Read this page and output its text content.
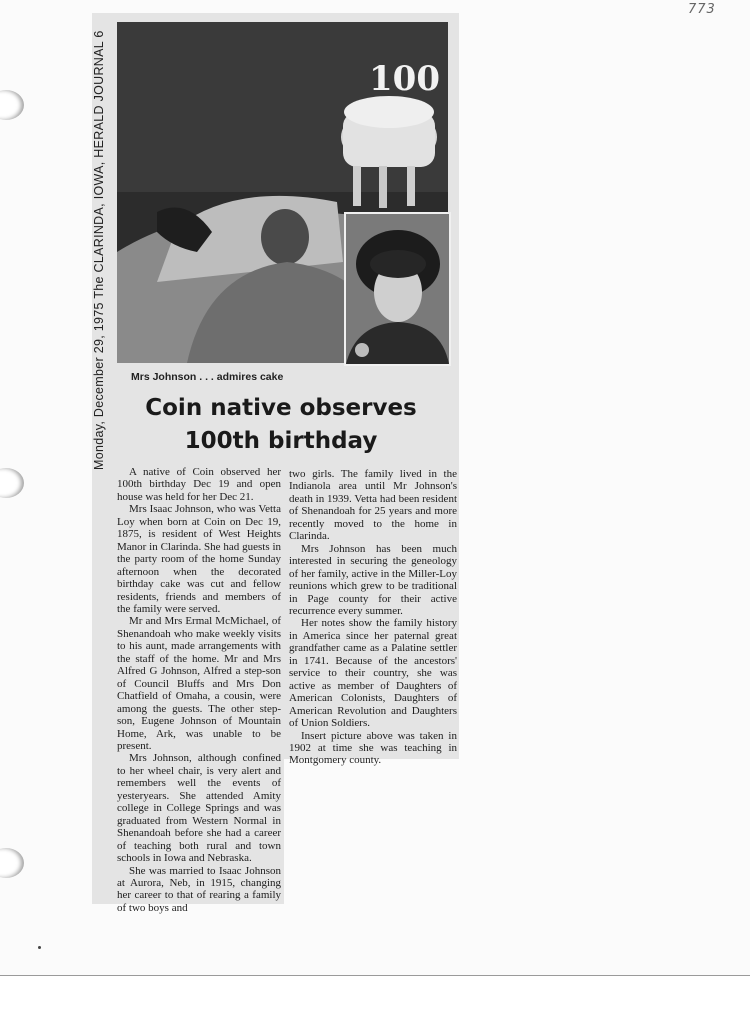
773
Monday, December 29, 1975 The CLARINDA, IOWA, HERALD JOURNAL 6	100
Mrs Johnson . . . admires cake
Coin native observes
100th birthday

A native of Coin observed her 100th birthday Dec 19 and open house was held for her Dec 21.

Mrs Isaac Johnson, who was Vetta Loy when born at Coin on Dec 19, 1875, is resident of West Heights Manor in Clarinda. She had guests in the party room of the home Sunday afternoon when the decorated birthday cake was cut and fellow residents, friends and members of the family were served.

Mr and Mrs Ermal McMichael, of Shenandoah who make weekly visits to his aunt, made arrangements with the staff of the home. Mr and Mrs Alfred G Johnson, Alfred a step-son of Council Bluffs and Mrs Don Chatfield of Omaha, a cousin, were among the guests. The other step-son, Eugene Johnson of Mountain Home, Ark, was unable to be present.

Mrs Johnson, although confined to her wheel chair, is very alert and remembers well the events of yesteryears. She attended Amity college in College Springs and was graduated from Western Normal in Shenandoah before she had a career of teaching both rural and town schools in Iowa and Nebraska.

She was married to Isaac Johnson at Aurora, Neb, in 1915, changing her career to that of rearing a family of two boys and

two girls. The family lived in the Indianola area until Mr Johnson's death in 1939. Vetta had been resident of Shenandoah for 25 years and more recently moved to the home in Clarinda.

Mrs Johnson has been much interested in securing the geneology of her family, active in the Miller-Loy reunions which grew to be traditional in Page county for their active recurrence every summer.

Her notes show the family history in America since her paternal great grandfather came as a Palatine settler in 1741. Because of the ancestors' service to their country, she was active as member of Daughters of American Colonists, Daughters of American Revolution and Daughters of Union Soldiers.

Insert picture above was taken in 1902 at time she was teaching in Montgomery county.
